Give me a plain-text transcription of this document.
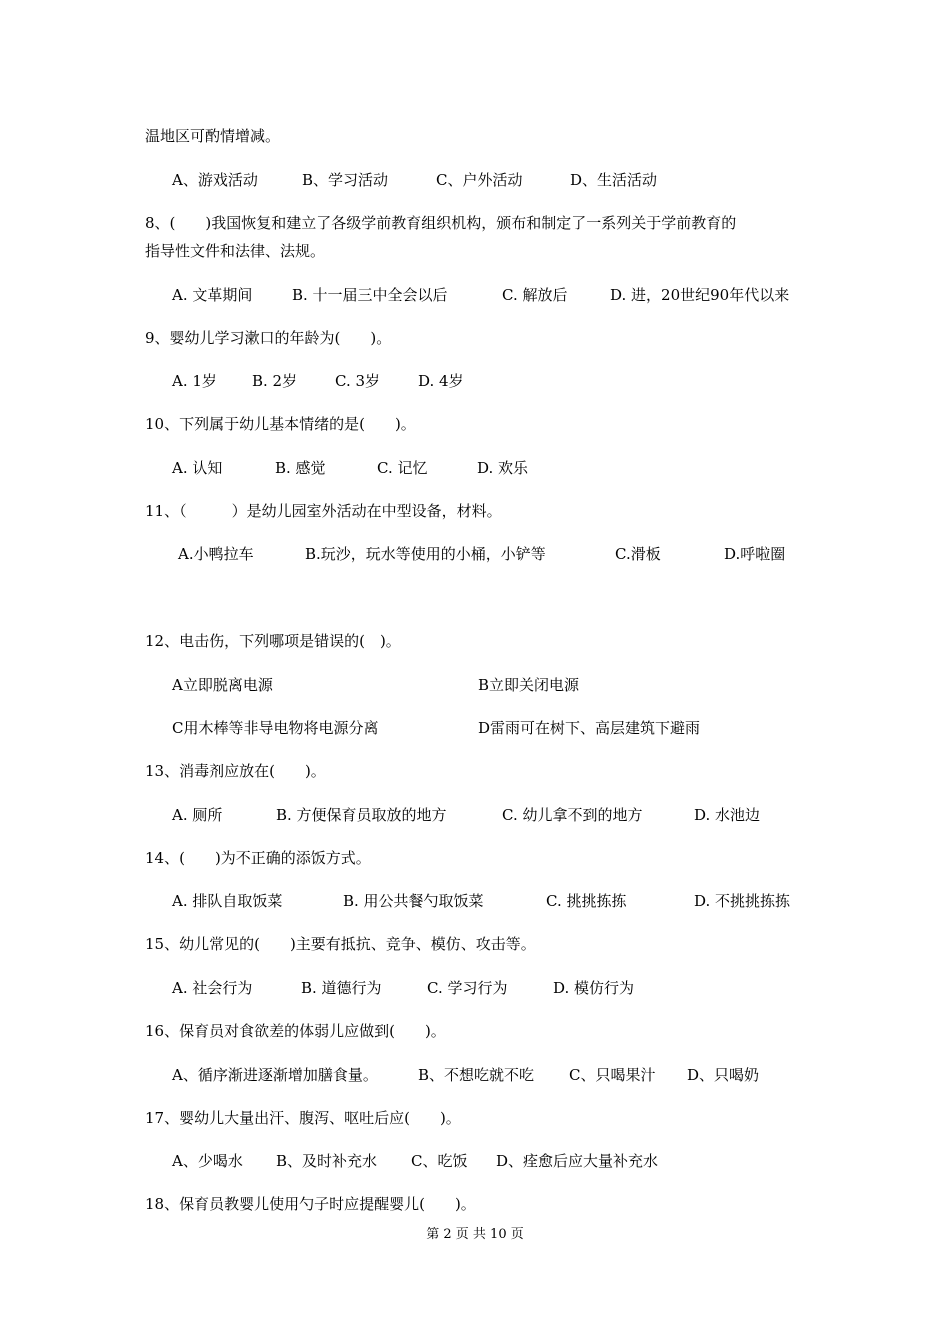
温地区可酌情增减。
A、游戏活动	B、学习活动	C、户外活动	D、生活活动
8、(　　)我国恢复和建立了各级学前教育组织机构，颁布和制定了一系列关于学前教育的
指导性文件和法律、法规。
A. 文革期间	B. 十一届三中全会以后	C. 解放后	D. 进，20世纪90年代以来
9、婴幼儿学习漱口的年龄为(　　)。
A. 1岁 B. 2岁	C. 3岁	D. 4岁
10、下列属于幼儿基本情绪的是(　　)。
A. 认知	B. 感觉	C. 记忆	D. 欢乐
11、（　　　）是幼儿园室外活动在中型设备，材料。
A.小鸭拉车	B.玩沙，玩水等使用的小桶，小铲等	C.滑板	D.呼啦圈
12、电击伤，下列哪项是错误的(　)。
A立即脱离电源	B立即关闭电源
C用木棒等非导电物将电源分离	D雷雨可在树下、高层建筑下避雨
13、消毒剂应放在(　　)。
A. 厕所	B. 方便保育员取放的地方	C. 幼儿拿不到的地方	D. 水池边
14、(　　)为不正确的添饭方式。
A. 排队自取饭菜	B. 用公共餐勺取饭菜	C. 挑挑拣拣	D. 不挑挑拣拣
15、幼儿常见的(　　)主要有抵抗、竞争、模仿、攻击等。
A. 社会行为	B. 道德行为	C. 学习行为	D. 模仿行为
16、保育员对食欲差的体弱儿应做到(　　)。
A、循序渐进逐渐增加膳食量。	B、不想吃就不吃 C、只喝果汁 D、只喝奶
17、婴幼儿大量出汗、腹泻、呕吐后应(　　)。
A、少喝水 B、及时补充水 C、吃饭 D、痊愈后应大量补充水
18、保育员教婴儿使用勺子时应提醒婴儿(　　)。
第 2 页 共 10 页
